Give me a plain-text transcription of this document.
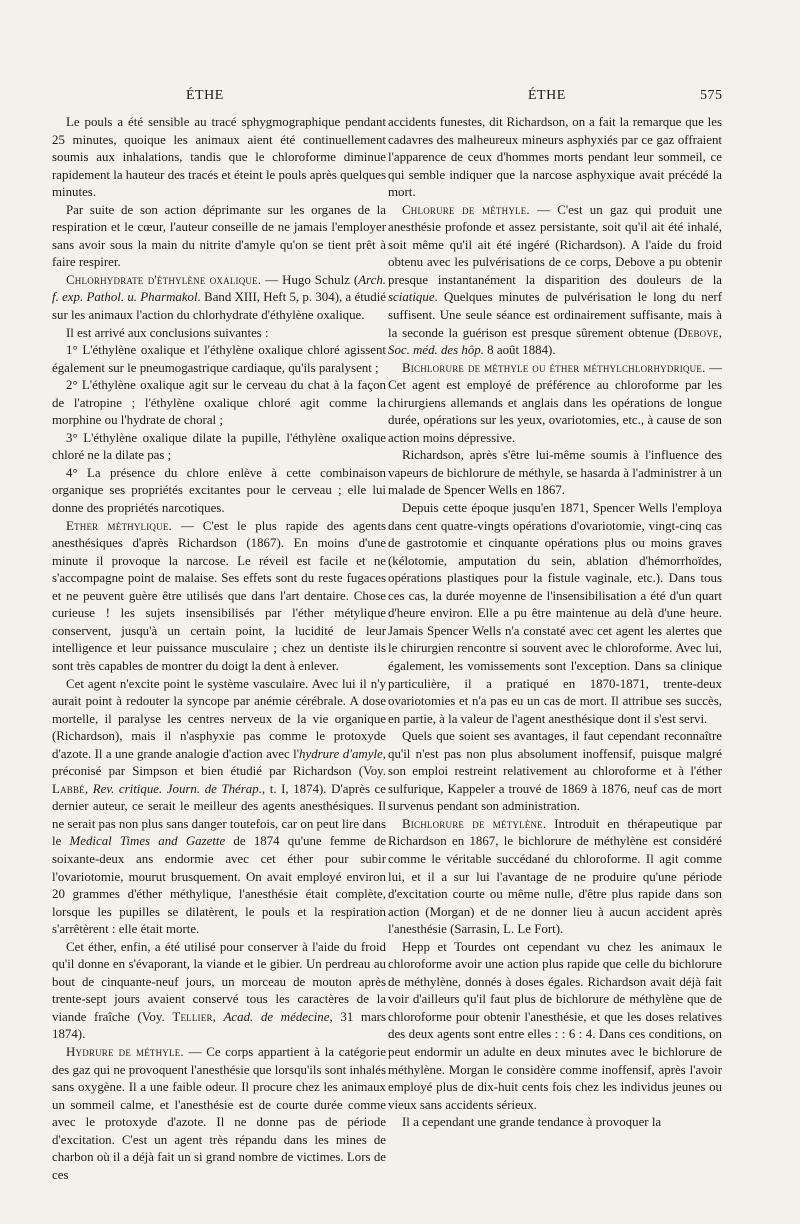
ÉTHE	ÉTHE	575

Le pouls a été sensible au tracé sphygmographique pendant 25 minutes, quoique les animaux aient été continuellement soumis aux inhalations, tandis que le chloroforme diminue rapidement la hauteur des tracés et éteint le pouls après quelques minutes.

Par suite de son action déprimante sur les organes de la respiration et le cœur, l'auteur conseille de ne jamais l'employer sans avoir sous la main du nitrite d'amyle qu'on se tient prêt à faire respirer.

Chlorhydrate d'éthylène oxalique. — Hugo Schulz (Arch. f. exp. Pathol. u. Pharmakol. Band XIII, Heft 5, p. 304), a étudié sur les animaux l'action du chlorhydrate d'éthylène oxalique.

Il est arrivé aux conclusions suivantes :

1° L'éthylène oxalique et l'éthylène oxalique chloré agissent également sur le pneumogastrique cardiaque, qu'ils paralysent ;

2° L'éthylène oxalique agit sur le cerveau du chat à la façon de l'atropine ; l'éthylène oxalique chloré agit comme la morphine ou l'hydrate de choral ;

3° L'éthylène oxalique dilate la pupille, l'éthylène oxalique chloré ne la dilate pas ;

4° La présence du chlore enlève à cette combinaison organique ses propriétés excitantes pour le cerveau ; elle lui donne des propriétés narcotiques.

Ether méthylique. — C'est le plus rapide des agents anesthésiques d'après Richardson (1867). En moins d'une minute il provoque la narcose. Le réveil est facile et ne s'accompagne point de malaise. Ses effets sont du reste fugaces et ne peuvent guère être utilisés que dans l'art dentaire. Chose curieuse ! les sujets insensibilisés par l'éther métylique conservent, jusqu'à un certain point, la lucidité de leur intelligence et leur puissance musculaire ; chez un dentiste ils sont très capables de montrer du doigt la dent à enlever.

Cet agent n'excite point le système vasculaire. Avec lui il n'y aurait point à redouter la syncope par anémie cérébrale. A dose mortelle, il paralyse les centres nerveux de la vie organique (Richardson), mais il n'asphyxie pas comme le protoxyde d'azote. Il a une grande analogie d'action avec l'hydrure d'amyle, préconisé par Simpson et bien étudié par Richardson (Voy. Labbé, Rev. critique. Journ. de Thérap., t. I, 1874). D'après ce dernier auteur, ce serait le meilleur des agents anesthésiques. Il ne serait pas non plus sans danger toutefois, car on peut lire dans le Medical Times and Gazette de 1874 qu'une femme de soixante-deux ans endormie avec cet éther pour subir l'ovariotomie, mourut brusquement. On avait employé environ 20 grammes d'éther méthylique, l'anesthésie était complète, lorsque les pupilles se dilatèrent, le pouls et la respiration s'arrêtèrent : elle était morte.

Cet éther, enfin, a été utilisé pour conserver à l'aide du froid qu'il donne en s'évaporant, la viande et le gibier. Un perdreau au bout de cinquante-neuf jours, un morceau de mouton après trente-sept jours avaient conservé tous les caractères de la viande fraîche (Voy. Tellier, Acad. de médecine, 31 mars 1874).

Hydrure de méthyle. — Ce corps appartient à la catégorie des gaz qui ne provoquent l'anesthésie que lorsqu'ils sont inhalés sans oxygène. Il a une faible odeur. Il procure chez les animaux un sommeil calme, et l'anesthésie est de courte durée comme avec le protoxyde d'azote. Il ne donne pas de période d'excitation. C'est un agent très répandu dans les mines de charbon où il a déjà fait un si grand nombre de victimes. Lors de ces

accidents funestes, dit Richardson, on a fait la remarque que les cadavres des malheureux mineurs asphyxiés par ce gaz offraient l'apparence de ceux d'hommes morts pendant leur sommeil, ce qui semble indiquer que la narcose asphyxique avait précédé la mort.

Chlorure de méthyle. — C'est un gaz qui produit une anesthésie profonde et assez persistante, soit qu'il ait été inhalé, soit même qu'il ait été ingéré (Richardson). A l'aide du froid obtenu avec les pulvérisations de ce corps, Debove a pu obtenir presque instantanément la disparition des douleurs de la sciatique. Quelques minutes de pulvérisation le long du nerf suffisent. Une seule séance est ordinairement suffisante, mais à la seconde la guérison est presque sûrement obtenue (Debove, Soc. méd. des hôp. 8 août 1884).

Bichlorure de méthyle ou éther méthylchlorhydrique. — Cet agent est employé de préférence au chloroforme par les chirurgiens allemands et anglais dans les opérations de longue durée, opérations sur les yeux, ovariotomies, etc., à cause de son action moins dépressive.

Richardson, après s'être lui-même soumis à l'influence des vapeurs de bichlorure de méthyle, se hasarda à l'administrer à un malade de Spencer Wells en 1867.

Depuis cette époque jusqu'en 1871, Spencer Wells l'employa dans cent quatre-vingts opérations d'ovariotomie, vingt-cinq cas de gastrotomie et cinquante opérations plus ou moins graves (kélotomie, amputation du sein, ablation d'hémorrhoïdes, opérations plastiques pour la fistule vaginale, etc.). Dans tous ces cas, la durée moyenne de l'insensibilisation a été d'un quart d'heure environ. Elle a pu être maintenue au delà d'une heure. Jamais Spencer Wells n'a constaté avec cet agent les alertes que le chirurgien rencontre si souvent avec le chloroforme. Avec lui, également, les vomissements sont l'exception. Dans sa clinique particulière, il a pratiqué en 1870-1871, trente-deux ovariotomies et n'a pas eu un cas de mort. Il attribue ses succès, en partie, à la valeur de l'agent anesthésique dont il s'est servi.

Quels que soient ses avantages, il faut cependant reconnaître qu'il n'est pas non plus absolument inoffensif, puisque malgré son emploi restreint relativement au chloroforme et à l'éther sulfurique, Kappeler a trouvé de 1869 à 1876, neuf cas de mort survenus pendant son administration.

Bichlorure de métylène. Introduit en thérapeutique par Richardson en 1867, le bichlorure de méthylène est considéré comme le véritable succédané du chloroforme. Il agit comme lui, et il a sur lui l'avantage de ne produire qu'une période d'excitation courte ou même nulle, d'être plus rapide dans son action (Morgan) et de ne donner lieu à aucun accident après l'anesthésie (Sarrasin, L. Le Fort).

Hepp et Tourdes ont cependant vu chez les animaux le chloroforme avoir une action plus rapide que celle du bichlorure de méthylène, donnés à doses égales. Richardson avait déjà fait voir d'ailleurs qu'il faut plus de bichlorure de méthylène que de chloroforme pour obtenir l'anesthésie, et que les doses relatives des deux agents sont entre elles : : 6 : 4. Dans ces conditions, on peut endormir un adulte en deux minutes avec le bichlorure de méthylène. Morgan le considère comme inoffensif, après l'avoir employé plus de dix-huit cents fois chez les individus jeunes ou vieux sans accidents sérieux.

Il a cependant une grande tendance à provoquer la
